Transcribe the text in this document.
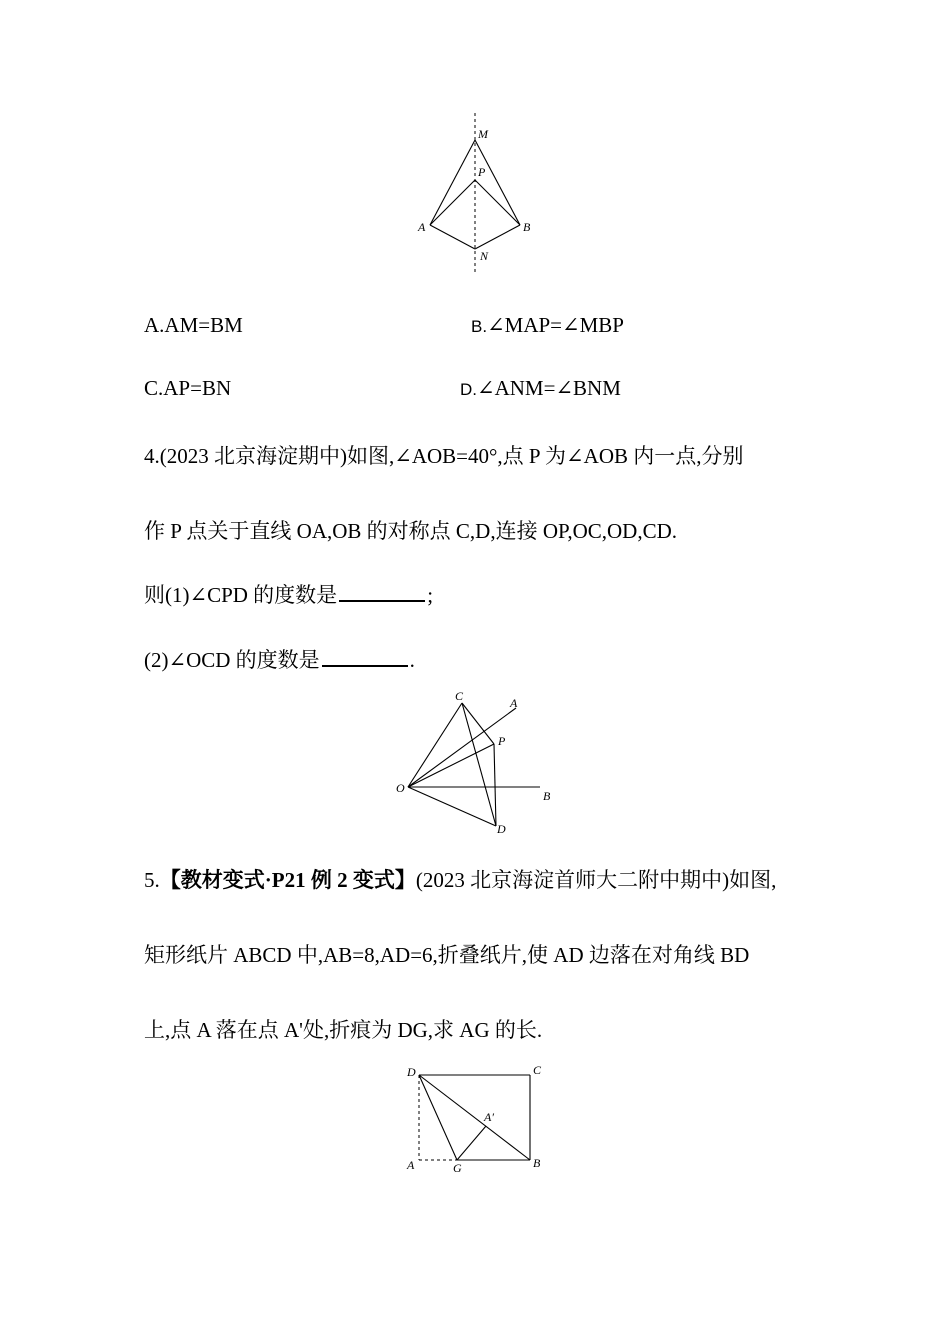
M
P
A	B
N
A.AM=BM	B.∠MAP=∠MBP
C.AP=BN	D.∠ANM=∠BNM
4.(2023 北京海淀期中)如图,∠AOB=40°,点 P 为∠AOB 内一点,分别
作 P 点关于直线 OA,OB 的对称点 C,D,连接 OP,OC,OD,CD.
则(1)∠CPD 的度数是	;
(2)∠OCD 的度数是	.
C	A
P
O
B
D
5.【教材变式·P21 例 2 变式】(2023 北京海淀首师大二附中期中)如图,
矩形纸片 ABCD 中,AB=8,AD=6,折叠纸片,使 AD 边落在对角线 BD
上,点 A 落在点 A'处,折痕为 DG,求 AG 的长.
D	C
A′
A	G	B
